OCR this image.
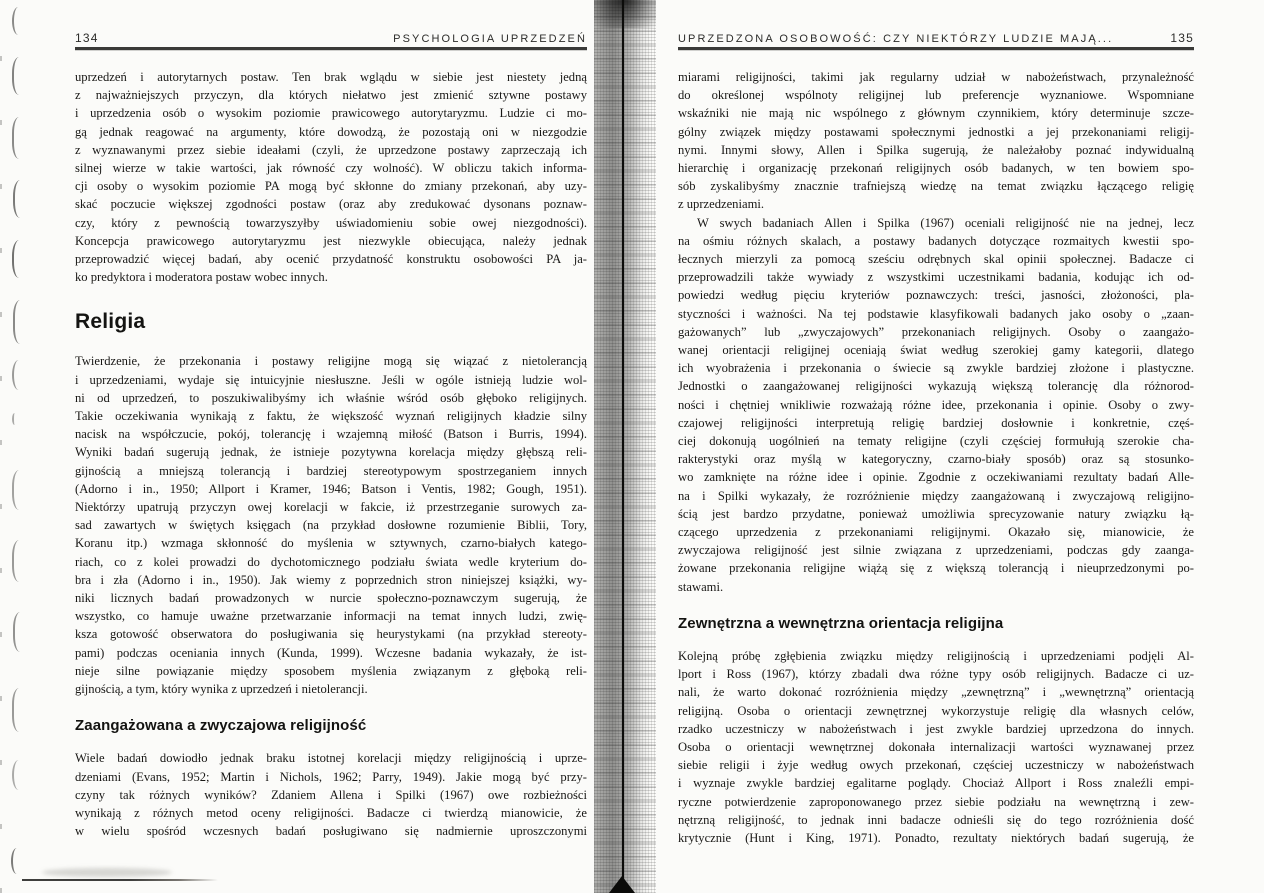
134	PSYCHOLOGIA UPRZEDZEŃ
uprzedzeń i autorytarnych postaw. Ten brak wglądu w siebie jest niestety jedną
z najważniejszych przyczyn, dla których niełatwo jest zmienić sztywne postawy
i uprzedzenia osób o wysokim poziomie prawicowego autorytaryzmu. Ludzie ci mo-
gą jednak reagować na argumenty, które dowodzą, że pozostają oni w niezgodzie
z wyznawanymi przez siebie ideałami (czyli, że uprzedzone postawy zaprzeczają ich
silnej wierze w takie wartości, jak równość czy wolność). W obliczu takich informa-
cji osoby o wysokim poziomie PA mogą być skłonne do zmiany przekonań, aby uzy-
skać poczucie większej zgodności postaw (oraz aby zredukować dysonans poznaw-
czy, który z pewnością towarzyszyłby uświadomieniu sobie owej niezgodności).
Koncepcja prawicowego autorytaryzmu jest niezwykle obiecująca, należy jednak
przeprowadzić więcej badań, aby ocenić przydatność konstruktu osobowości PA ja-
ko predyktora i moderatora postaw wobec innych.
Religia
Twierdzenie, że przekonania i postawy religijne mogą się wiązać z nietolerancją
i uprzedzeniami, wydaje się intuicyjnie niesłuszne. Jeśli w ogóle istnieją ludzie wol-
ni od uprzedzeń, to poszukiwalibyśmy ich właśnie wśród osób głęboko religijnych.
Takie oczekiwania wynikają z faktu, że większość wyznań religijnych kładzie silny
nacisk na współczucie, pokój, tolerancję i wzajemną miłość (Batson i Burris, 1994).
Wyniki badań sugerują jednak, że istnieje pozytywna korelacja między głębszą reli-
gijnością a mniejszą tolerancją i bardziej stereotypowym spostrzeganiem innych
(Adorno i in., 1950; Allport i Kramer, 1946; Batson i Ventis, 1982; Gough, 1951).
Niektórzy upatrują przyczyn owej korelacji w fakcie, iż przestrzeganie surowych za-
sad zawartych w świętych księgach (na przykład dosłowne rozumienie Biblii, Tory,
Koranu itp.) wzmaga skłonność do myślenia w sztywnych, czarno-białych katego-
riach, co z kolei prowadzi do dychotomicznego podziału świata wedle kryterium do-
bra i zła (Adorno i in., 1950). Jak wiemy z poprzednich stron niniejszej książki, wy-
niki licznych badań prowadzonych w nurcie społeczno-poznawczym sugerują, że
wszystko, co hamuje uważne przetwarzanie informacji na temat innych ludzi, zwię-
ksza gotowość obserwatora do posługiwania się heurystykami (na przykład stereoty-
pami) podczas oceniania innych (Kunda, 1999). Wczesne badania wykazały, że ist-
nieje silne powiązanie między sposobem myślenia związanym z głęboką reli-
gijnością, a tym, który wynika z uprzedzeń i nietolerancji.
Zaangażowana a zwyczajowa religijność
Wiele badań dowiodło jednak braku istotnej korelacji między religijnością i uprze-
dzeniami (Evans, 1952; Martin i Nichols, 1962; Parry, 1949). Jakie mogą być przy-
czyny tak różnych wyników? Zdaniem Allena i Spilki (1967) owe rozbieżności
wynikają z różnych metod oceny religijności. Badacze ci twierdzą mianowicie, że
w wielu spośród wczesnych badań posługiwano się nadmiernie uproszczonymi
UPRZEDZONA OSOBOWOŚĆ: CZY NIEKTÓRZY LUDZIE MAJĄ...	135
miarami religijności, takimi jak regularny udział w nabożeństwach, przynależność
do określonej wspólnoty religijnej lub preferencje wyznaniowe. Wspomniane
wskaźniki nie mają nic wspólnego z głównym czynnikiem, który determinuje szcze-
gólny związek między postawami społecznymi jednostki a jej przekonaniami religij-
nymi. Innymi słowy, Allen i Spilka sugerują, że należałoby poznać indywidualną
hierarchię i organizację przekonań religijnych osób badanych, w ten bowiem spo-
sób zyskalibyśmy znacznie trafniejszą wiedzę na temat związku łączącego religię
z uprzedzeniami.
W swych badaniach Allen i Spilka (1967) oceniali religijność nie na jednej, lecz
na ośmiu różnych skalach, a postawy badanych dotyczące rozmaitych kwestii spo-
łecznych mierzyli za pomocą sześciu odrębnych skal opinii społecznej. Badacze ci
przeprowadzili także wywiady z wszystkimi uczestnikami badania, kodując ich od-
powiedzi według pięciu kryteriów poznawczych: treści, jasności, złożoności, pla-
styczności i ważności. Na tej podstawie klasyfikowali badanych jako osoby o „zaan-
gażowanych” lub „zwyczajowych” przekonaniach religijnych. Osoby o zaangażo-
wanej orientacji religijnej oceniają świat według szerokiej gamy kategorii, dlatego
ich wyobrażenia i przekonania o świecie są zwykle bardziej złożone i plastyczne.
Jednostki o zaangażowanej religijności wykazują większą tolerancję dla różnorod-
ności i chętniej wnikliwie rozważają różne idee, przekonania i opinie. Osoby o zwy-
czajowej religijności interpretują religię bardziej dosłownie i konkretnie, częś-
ciej dokonują uogólnień na tematy religijne (czyli częściej formułują szerokie cha-
rakterystyki oraz myślą w kategoryczny, czarno-biały sposób) oraz są stosunko-
wo zamknięte na różne idee i opinie. Zgodnie z oczekiwaniami rezultaty badań Alle-
na i Spilki wykazały, że rozróżnienie między zaangażowaną i zwyczajową religijno-
ścią jest bardzo przydatne, ponieważ umożliwia sprecyzowanie natury związku łą-
czącego uprzedzenia z przekonaniami religijnymi. Okazało się, mianowicie, że
zwyczajowa religijność jest silnie związana z uprzedzeniami, podczas gdy zaanga-
żowane przekonania religijne wiążą się z większą tolerancją i nieuprzedzonymi po-
stawami.
Zewnętrzna a wewnętrzna orientacja religijna
Kolejną próbę zgłębienia związku między religijnością i uprzedzeniami podjęli Al-
lport i Ross (1967), którzy zbadali dwa różne typy osób religijnych. Badacze ci uz-
nali, że warto dokonać rozróżnienia między „zewnętrzną” i „wewnętrzną” orientacją
religijną. Osoba o orientacji zewnętrznej wykorzystuje religię dla własnych celów,
rzadko uczestniczy w nabożeństwach i jest zwykle bardziej uprzedzona do innych.
Osoba o orientacji wewnętrznej dokonała internalizacji wartości wyznawanej przez
siebie religii i żyje według owych przekonań, częściej uczestniczy w nabożeństwach
i wyznaje zwykle bardziej egalitarne poglądy. Chociaż Allport i Ross znaleźli empi-
ryczne potwierdzenie zaproponowanego przez siebie podziału na wewnętrzną i zew-
nętrzną religijność, to jednak inni badacze odnieśli się do tego rozróżnienia dość
krytycznie (Hunt i King, 1971). Ponadto, rezultaty niektórych badań sugerują, że
